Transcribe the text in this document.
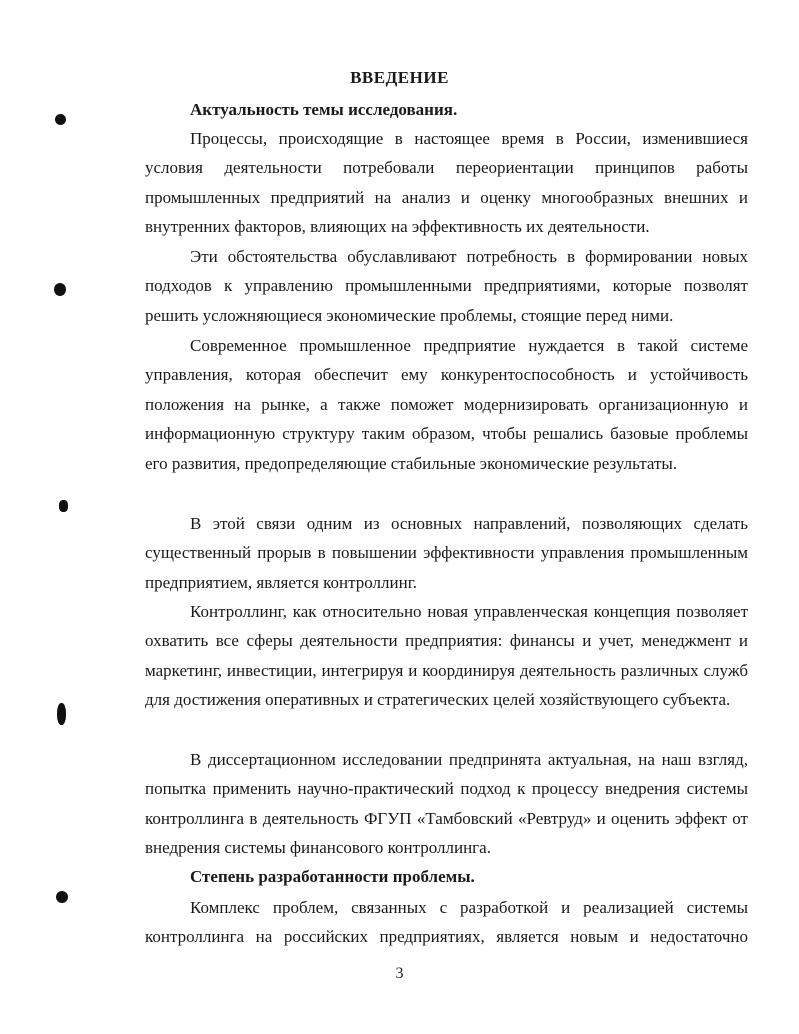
ВВЕДЕНИЕ
Актуальность темы исследования.

Процессы, происходящие в настоящее время в России, изменившиеся условия деятельности потребовали переориентации принципов работы промышленных предприятий на анализ и оценку многообразных внешних и внутренних факторов, влияющих на эффективность их деятельности.

Эти обстоятельства обуславливают потребность в формировании новых подходов к управлению промышленными предприятиями, которые позволят решить усложняющиеся экономические проблемы, стоящие перед ними.

Современное промышленное предприятие нуждается в такой системе управления, которая обеспечит ему конкурентоспособность и устойчивость положения на рынке, а также поможет модернизировать организационную и информационную структуру таким образом, чтобы решались базовые проблемы его развития, предопределяющие стабильные экономические результаты.

В этой связи одним из основных направлений, позволяющих сделать существенный прорыв в повышении эффективности управления промышленным предприятием, является контроллинг.

Контроллинг, как относительно новая управленческая концепция позволяет охватить все сферы деятельности предприятия: финансы и учет, менеджмент и маркетинг, инвестиции, интегрируя и координируя деятельность различных служб для достижения оперативных и стратегических целей хозяйствующего субъекта.

В диссертационном исследовании предпринята актуальная, на наш взгляд, попытка применить научно-практический подход к процессу внедрения системы контроллинга в деятельность ФГУП «Тамбовский «Ревтруд» и оценить эффект от внедрения системы финансового контроллинга.

Степень разработанности проблемы.

Комплекс проблем, связанных с разработкой и реализацией системы контроллинга на российских предприятиях, является новым и недостаточно

3
